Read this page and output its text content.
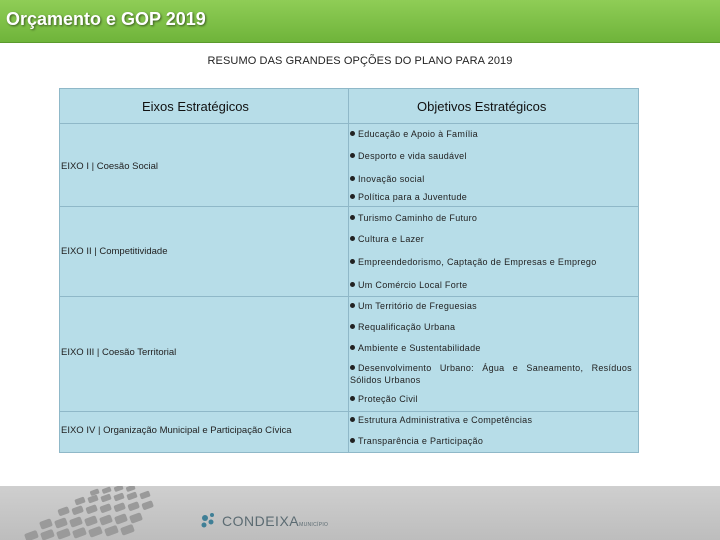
Orçamento e GOP 2019
RESUMO DAS GRANDES OPÇÕES DO PLANO PARA 2019
Eixos Estratégicos	Objetivos Estratégicos
EIXO I | Coesão Social
Educação e Apoio à Família
Desporto e vida saudável
Inovação social
Política para a Juventude
EIXO II | Competitividade
Turismo Caminho de Futuro
Cultura e Lazer
Empreendedorismo, Captação de Empresas e Emprego
Um Comércio Local Forte
EIXO III | Coesão Territorial
Um Território de Freguesias
Requalificação Urbana
Ambiente e Sustentabilidade
Desenvolvimento Urbano: Água e Saneamento, Resíduos Sólidos Urbanos
Proteção Civil
EIXO IV | Organização Municipal e Participação Cívica
Estrutura Administrativa e Competências
Transparência e Participação
CONDEIXAMUNICÍPIO
